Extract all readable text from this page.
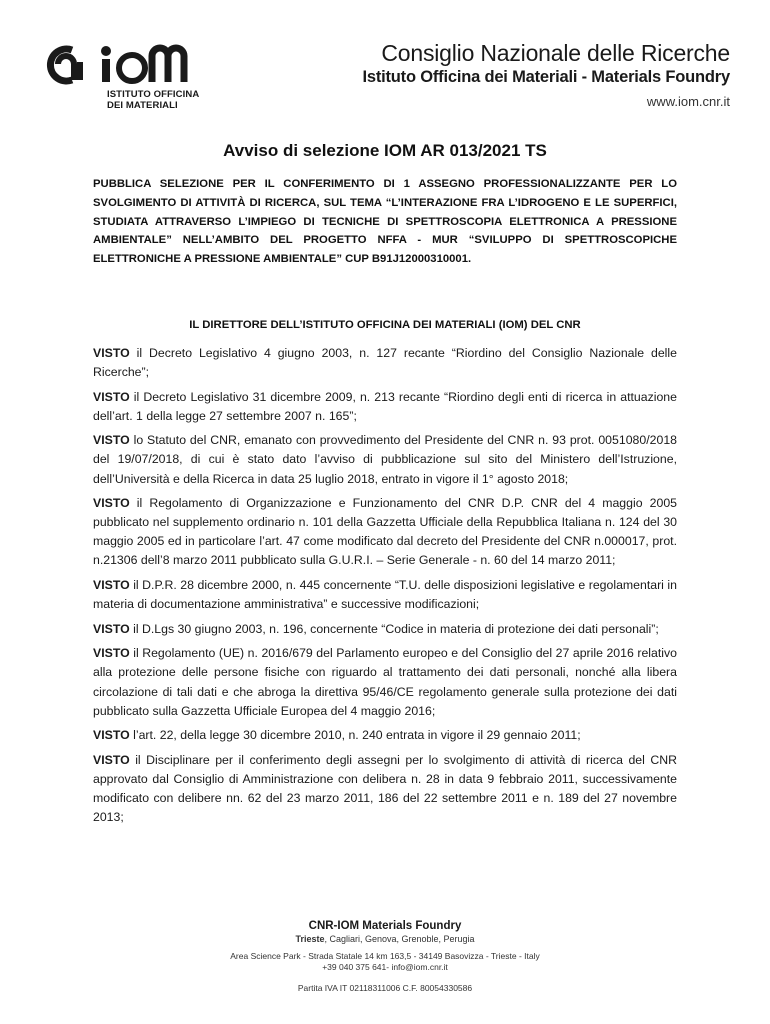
ISTITUTO OFFICINA
DEI MATERIALI
Consiglio Nazionale delle Ricerche
Istituto Officina dei Materiali - Materials Foundry
www.iom.cnr.it
Avviso di selezione IOM AR 013/2021 TS
PUBBLICA SELEZIONE PER IL CONFERIMENTO DI 1 ASSEGNO PROFESSIONALIZZANTE PER LO SVOLGIMENTO DI ATTIVITÀ DI RICERCA, SUL TEMA “L’INTERAZIONE FRA L’IDROGENO E LE SUPERFICI, STUDIATA ATTRAVERSO L’IMPIEGO DI TECNICHE DI SPETTROSCOPIA ELETTRONICA A PRESSIONE AMBIENTALE” NELL’AMBITO DEL PROGETTO NFFA - MUR “SVILUPPO DI SPETTROSCOPICHE ELETTRONICHE A PRESSIONE AMBIENTALE” CUP B91J12000310001.
IL DIRETTORE DELL’ISTITUTO OFFICINA DEI MATERIALI (IOM) DEL CNR

VISTO il Decreto Legislativo 4 giugno 2003, n. 127 recante “Riordino del Consiglio Nazionale delle Ricerche”;

VISTO il Decreto Legislativo 31 dicembre 2009, n. 213 recante “Riordino degli enti di ricerca in attuazione dell’art. 1 della legge 27 settembre 2007 n. 165”;

VISTO lo Statuto del CNR, emanato con provvedimento del Presidente del CNR n. 93 prot. 0051080/2018 del 19/07/2018, di cui è stato dato l’avviso di pubblicazione sul sito del Ministero dell’Istruzione, dell’Università e della Ricerca in data 25 luglio 2018, entrato in vigore il 1° agosto 2018;

VISTO il Regolamento di Organizzazione e Funzionamento del CNR D.P. CNR del 4 maggio 2005 pubblicato nel supplemento ordinario n. 101 della Gazzetta Ufficiale della Repubblica Italiana n. 124 del 30 maggio 2005 ed in particolare l’art. 47 come modificato dal decreto del Presidente del CNR n.000017, prot. n.21306 dell’8 marzo 2011 pubblicato sulla G.U.R.I. – Serie Generale - n. 60 del 14 marzo 2011;

VISTO il D.P.R. 28 dicembre 2000, n. 445 concernente “T.U. delle disposizioni legislative e regolamentari in materia di documentazione amministrativa” e successive modificazioni;

VISTO il D.Lgs 30 giugno 2003, n. 196, concernente “Codice in materia di protezione dei dati personali”;

VISTO il Regolamento (UE) n. 2016/679 del Parlamento europeo e del Consiglio del 27 aprile 2016 relativo alla protezione delle persone fisiche con riguardo al trattamento dei dati personali, nonché alla libera circolazione di tali dati e che abroga la direttiva 95/46/CE regolamento generale sulla protezione dei dati pubblicato sulla Gazzetta Ufficiale Europea del 4 maggio 2016;

VISTO l’art. 22, della legge 30 dicembre 2010, n. 240 entrata in vigore il 29 gennaio 2011;

VISTO il Disciplinare per il conferimento degli assegni per lo svolgimento di attività di ricerca del CNR approvato dal Consiglio di Amministrazione con delibera n. 28 in data 9 febbraio 2011, successivamente modificato con delibere nn. 62 del 23 marzo 2011, 186 del 22 settembre 2011 e n. 189 del 27 novembre 2013;

CNR-IOM Materials Foundry
Trieste, Cagliari, Genova, Grenoble, Perugia
Area Science Park - Strada Statale 14 km 163,5 - 34149 Basovizza - Trieste - Italy
+39 040 375 641- info@iom.cnr.it
Partita IVA IT 02118311006 C.F. 80054330586
